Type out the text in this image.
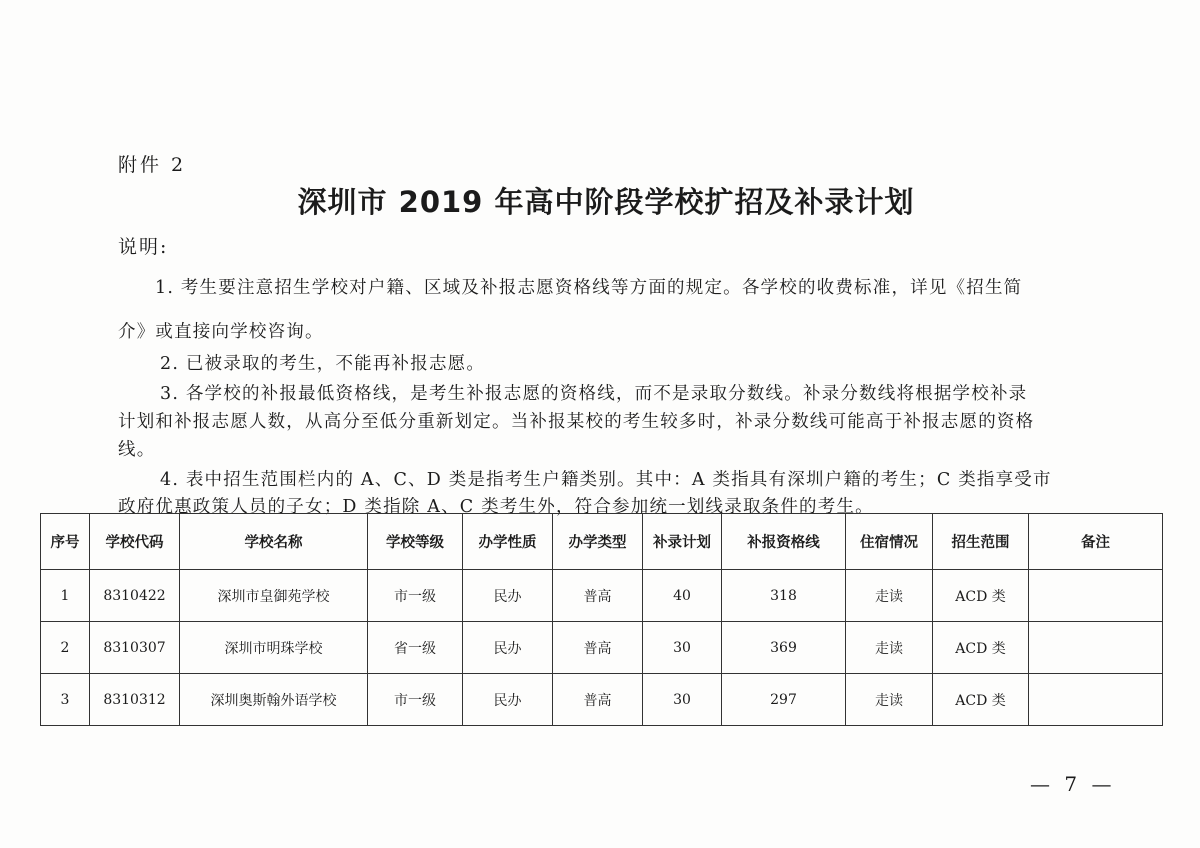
附件 2
深圳市 2019 年高中阶段学校扩招及补录计划
说明:
1. 考生要注意招生学校对户籍、区域及补报志愿资格线等方面的规定。各学校的收费标准，详见《招生简
介》或直接向学校咨询。
2. 已被录取的考生，不能再补报志愿。
3. 各学校的补报最低资格线，是考生补报志愿的资格线，而不是录取分数线。补录分数线将根据学校补录
计划和补报志愿人数，从高分至低分重新划定。当补报某校的考生较多时，补录分数线可能高于补报志愿的资格
线。
4. 表中招生范围栏内的 A、C、D 类是指考生户籍类别。其中：A 类指具有深圳户籍的考生；C 类指享受市
政府优惠政策人员的子女；D 类指除 A、C 类考生外，符合参加统一划线录取条件的考生。
序号	学校代码	学校名称	学校等级	办学性质	办学类型	补录计划	补报资格线	住宿情况	招生范围	备注
1	8310422	深圳市皇御苑学校	市一级	民办	普高	40	318	走读	ACD 类	
2	8310307	深圳市明珠学校	省一级	民办	普高	30	369	走读	ACD 类	
3	8310312	深圳奥斯翰外语学校	市一级	民办	普高	30	297	走读	ACD 类	
— 7 —
